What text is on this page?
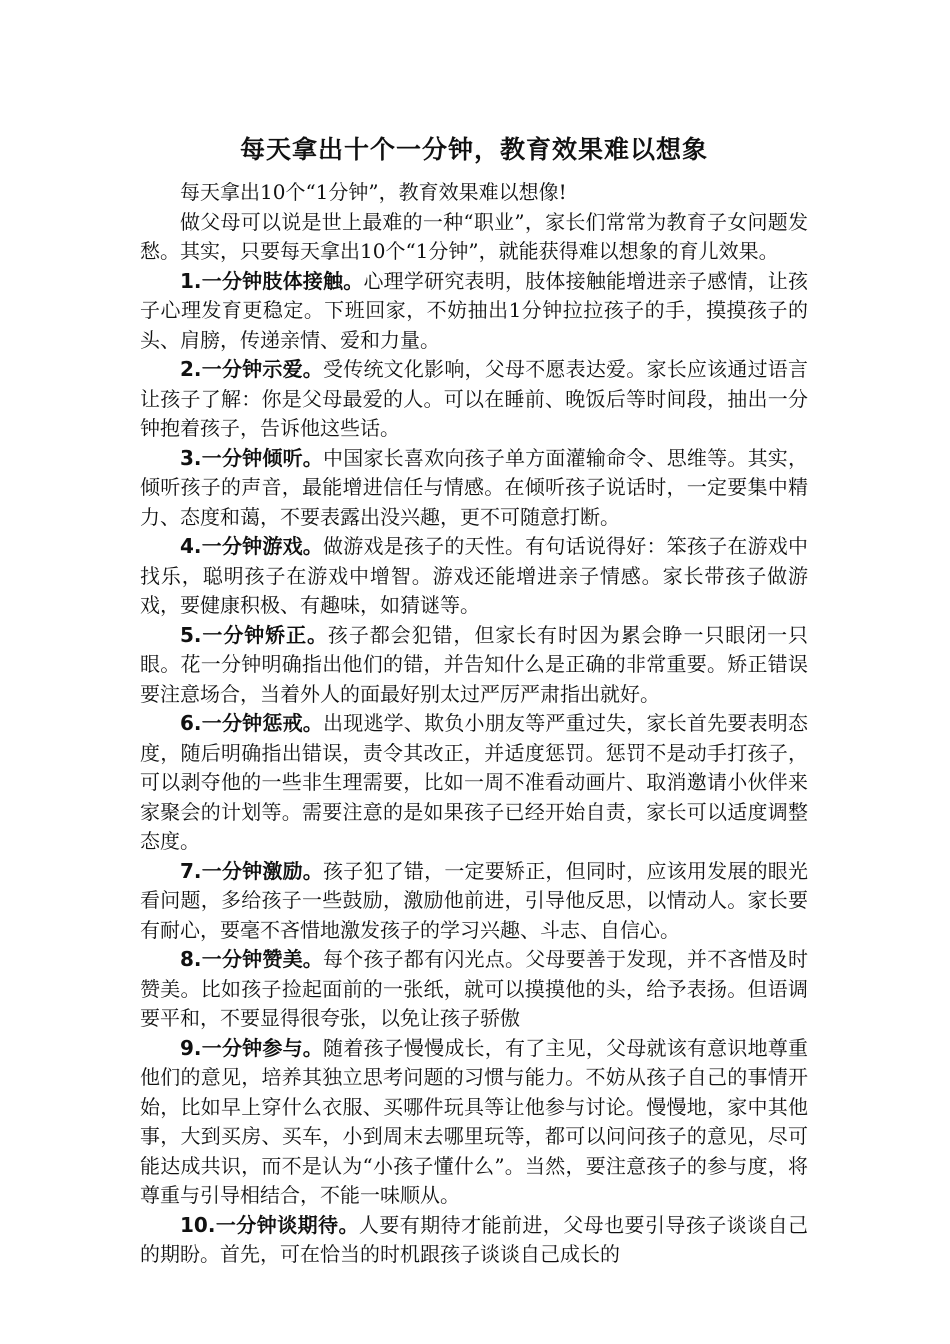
每天拿出十个一分钟，教育效果难以想象

每天拿出10个“1分钟”，教育效果难以想像!

做父母可以说是世上最难的一种“职业”，家长们常常为教育子女问题发愁。其实，只要每天拿出10个“1分钟”，就能获得难以想象的育儿效果。

1.一分钟肢体接触。心理学研究表明，肢体接触能增进亲子感情，让孩子心理发育更稳定。下班回家，不妨抽出1分钟拉拉孩子的手，摸摸孩子的头、肩膀，传递亲情、爱和力量。

2.一分钟示爱。受传统文化影响，父母不愿表达爱。家长应该通过语言让孩子了解：你是父母最爱的人。可以在睡前、晚饭后等时间段，抽出一分钟抱着孩子，告诉他这些话。

3.一分钟倾听。中国家长喜欢向孩子单方面灌输命令、思维等。其实，倾听孩子的声音，最能增进信任与情感。在倾听孩子说话时，一定要集中精力、态度和蔼，不要表露出没兴趣，更不可随意打断。

4.一分钟游戏。做游戏是孩子的天性。有句话说得好：笨孩子在游戏中找乐，聪明孩子在游戏中增智。游戏还能增进亲子情感。家长带孩子做游戏，要健康积极、有趣味，如猜谜等。

5.一分钟矫正。孩子都会犯错，但家长有时因为累会睁一只眼闭一只眼。花一分钟明确指出他们的错，并告知什么是正确的非常重要。矫正错误要注意场合，当着外人的面最好别太过严厉严肃指出就好。

6.一分钟惩戒。出现逃学、欺负小朋友等严重过失，家长首先要表明态度，随后明确指出错误，责令其改正，并适度惩罚。惩罚不是动手打孩子，可以剥夺他的一些非生理需要，比如一周不准看动画片、取消邀请小伙伴来家聚会的计划等。需要注意的是如果孩子已经开始自责，家长可以适度调整态度。

7.一分钟激励。孩子犯了错，一定要矫正，但同时，应该用发展的眼光看问题，多给孩子一些鼓励，激励他前进，引导他反思，以情动人。家长要有耐心，要毫不吝惜地激发孩子的学习兴趣、斗志、自信心。

8.一分钟赞美。每个孩子都有闪光点。父母要善于发现，并不吝惜及时赞美。比如孩子捡起面前的一张纸，就可以摸摸他的头，给予表扬。但语调要平和，不要显得很夸张，以免让孩子骄傲

9.一分钟参与。随着孩子慢慢成长，有了主见，父母就该有意识地尊重他们的意见，培养其独立思考问题的习惯与能力。不妨从孩子自己的事情开始，比如早上穿什么衣服、买哪件玩具等让他参与讨论。慢慢地，家中其他事，大到买房、买车，小到周末去哪里玩等，都可以问问孩子的意见，尽可能达成共识，而不是认为“小孩子懂什么”。当然，要注意孩子的参与度，将尊重与引导相结合，不能一味顺从。

10.一分钟谈期待。人要有期待才能前进，父母也要引导孩子谈谈自己的期盼。首先，可在恰当的时机跟孩子谈谈自己成长的
